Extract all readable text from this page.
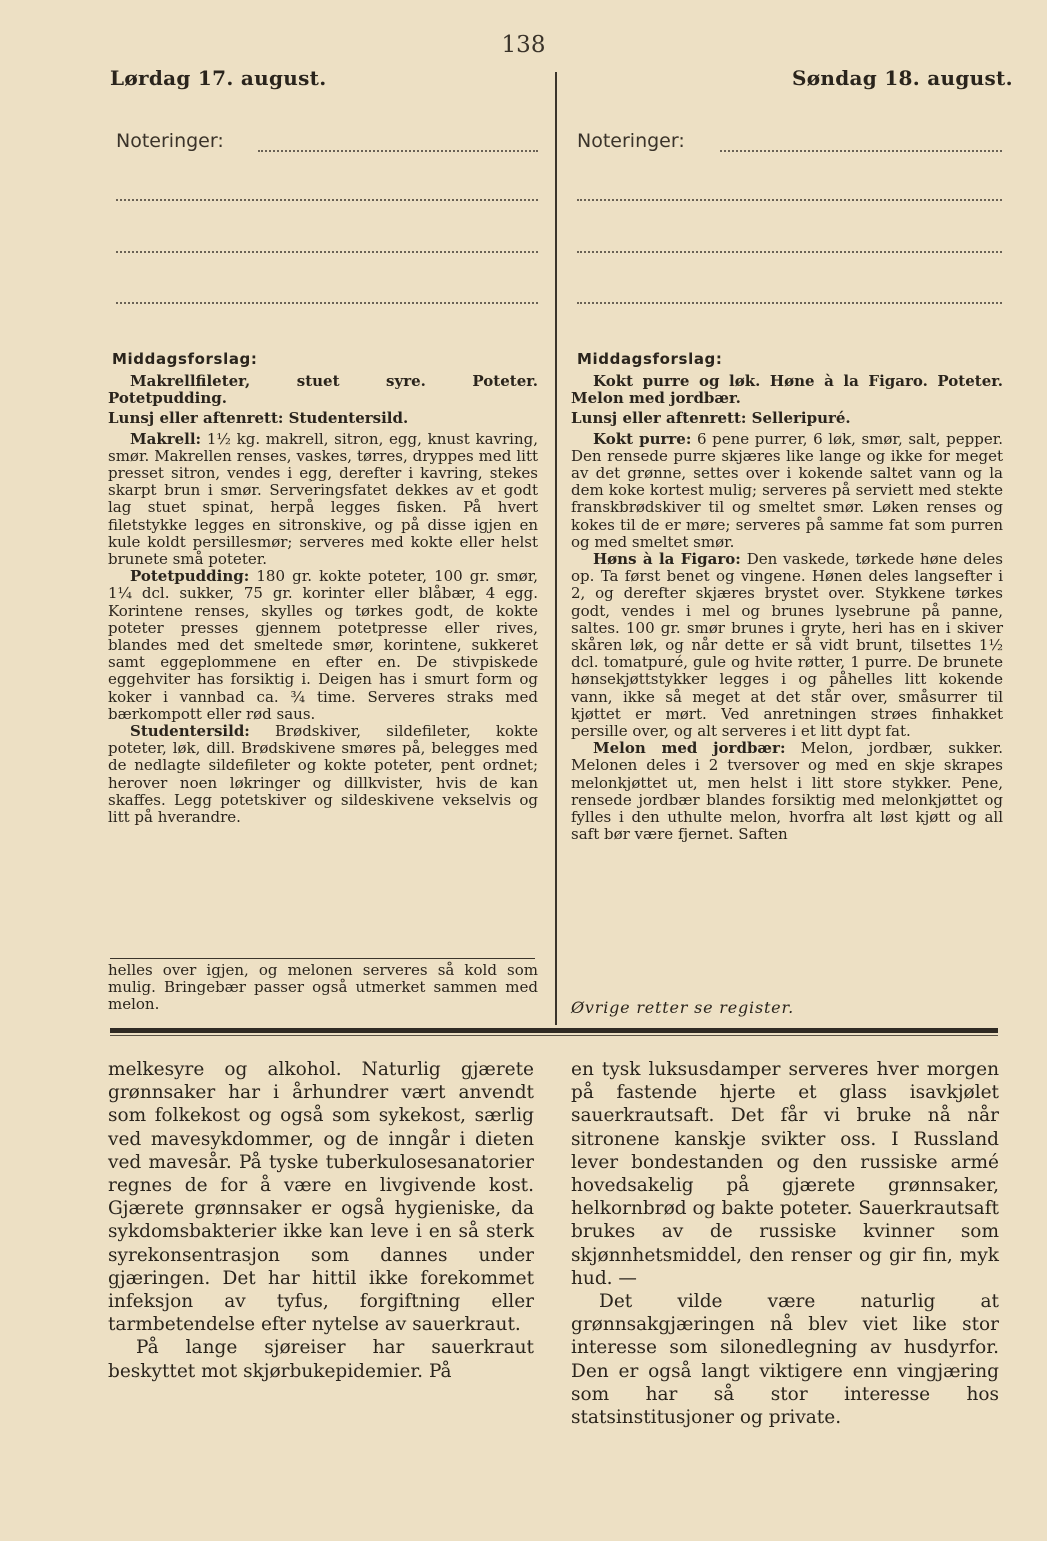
138
Lørdag 17. august.	Søndag 18. august.
Noteringer:	Noteringer:
Middagsforslag:

Makrellfileter, stuet syre. Poteter. Potetpudding.

Lunsj eller aftenrett: Studentersild.

Makrell: 1½ kg. makrell, sitron, egg, knust kavring, smør. Makrellen renses, vaskes, tørres, dryppes med litt presset sitron, vendes i egg, derefter i kavring, stekes skarpt brun i smør. Serveringsfatet dekkes av et godt lag stuet spinat, herpå legges fisken. På hvert filetstykke legges en sitronskive, og på disse igjen en kule koldt persillesmør; serveres med kokte eller helst brunete små poteter.

Potetpudding: 180 gr. kokte poteter, 100 gr. smør, 1¼ dcl. sukker, 75 gr. korinter eller blåbær, 4 egg. Korintene renses, skylles og tørkes godt, de kokte poteter presses gjennem potetpresse eller rives, blandes med det smeltede smør, korintene, sukkeret samt eggeplommene en efter en. De stivpiskede eggehviter has forsiktig i. Deigen has i smurt form og koker i vannbad ca. ¾ time. Serveres straks med bærkompott eller rød saus.

Studentersild: Brødskiver, sildefileter, kokte poteter, løk, dill. Brødskivene smøres på, belegges med de nedlagte sildefileter og kokte poteter, pent ordnet; herover noen løkringer og dillkvister, hvis de kan skaffes. Legg potetskiver og sildeskivene vekselvis og litt på hverandre.

helles over igjen, og melonen serveres så kold som mulig. Bringebær passer også utmerket sammen med melon.
Middagsforslag:

Kokt purre og løk. Høne à la Figaro. Poteter. Melon med jordbær.

Lunsj eller aftenrett: Selleripuré.

Kokt purre: 6 pene purrer, 6 løk, smør, salt, pepper. Den rensede purre skjæres like lange og ikke for meget av det grønne, settes over i kokende saltet vann og la dem koke kortest mulig; serveres på serviett med stekte franskbrødskiver til og smeltet smør. Løken renses og kokes til de er møre; serveres på samme fat som purren og med smeltet smør.

Høns à la Figaro: Den vaskede, tørkede høne deles op. Ta først benet og vingene. Hønen deles langsefter i 2, og derefter skjæres brystet over. Stykkene tørkes godt, vendes i mel og brunes lysebrune på panne, saltes. 100 gr. smør brunes i gryte, heri has en i skiver skåren løk, og når dette er så vidt brunt, tilsettes 1½ dcl. tomatpuré, gule og hvite røtter, 1 purre. De brunete hønsekjøttstykker legges i og påhelles litt kokende vann, ikke så meget at det står over, småsurrer til kjøttet er mørt. Ved anretningen strøes finhakket persille over, og alt serveres i et litt dypt fat.

Melon med jordbær: Melon, jordbær, sukker. Melonen deles i 2 tversover og med en skje skrapes melonkjøttet ut, men helst i litt store stykker. Pene, rensede jordbær blandes forsiktig med melonkjøttet og fylles i den uthulte melon, hvorfra alt løst kjøtt og all saft bør være fjernet. Saften

Øvrige retter se register.

melkesyre og alkohol. Naturlig gjærete grønnsaker har i århundrer vært anvendt som folkekost og også som sykekost, særlig ved mavesykdommer, og de inngår i dieten ved mavesår. På tyske tuberkulosesanatorier regnes de for å være en livgivende kost. Gjærete grønnsaker er også hygieniske, da sykdomsbakterier ikke kan leve i en så sterk syrekonsentrasjon som dannes under gjæringen. Det har hittil ikke forekommet infeksjon av tyfus, forgiftning eller tarmbetendelse efter nytelse av sauerkraut.

På lange sjøreiser har sauerkraut beskyttet mot skjørbukepidemier. På

en tysk luksusdamper serveres hver morgen på fastende hjerte et glass isavkjølet sauerkrautsaft. Det får vi bruke nå når sitronene kanskje svikter oss. I Russland lever bondestanden og den russiske armé hovedsakelig på gjærete grønnsaker, helkornbrød og bakte poteter. Sauerkrautsaft brukes av de russiske kvinner som skjønnhetsmiddel, den renser og gir fin, myk hud. —

Det vilde være naturlig at grønnsakgjæringen nå blev viet like stor interesse som silonedlegning av husdyrfor. Den er også langt viktigere enn vingjæring som har så stor interesse hos statsinstitusjoner og private.
